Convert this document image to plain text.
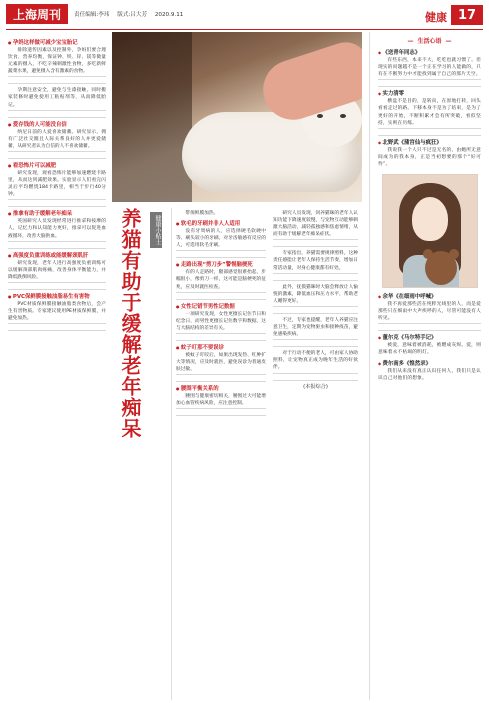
上海周刊	责任编辑:李玮 版式:吕大芳 2020.9.11	健康 17
● 孕妈这样做可减少宝宝胎记

排除遗传因素以及控制外，孕妈们要合理饮食、营养均衡，保证钟、铁、锌、镁等微量元素的摄入，不吃辛辣刺激性食物，多吃新鲜蔬菜水果，避免摄入含有激素的食物。

孕期注意安全，避免与生漆接触，同时搬家装修时避免使用工粘贴剂等，从而降低胎记。

● 爱存钱的人可能没自信

纳尼日前的人爱喜欢储蓄。研究显示，拥有广泛社交圈且人际关系良好的人并更爱储蓄，从研究者认为自信的人不喜欢储蓄。

● 看恐怖片可以减肥

研究发现，观看恐怖片能够加速燃烧卡路里，从而达到减肥效果。实验显示人们看完闪灵后平均燃烧184卡路里，相当于步行40分钟。

● 推拿有助于缓解老年痴呆

英国研究人员发现经常进行推拿和按摩的人，记忆力和认知能力更好，推拿可以促进血液循环，改善大脑供血。

● 高强度负重训练或能缓解颈肌肝

研究发现，老年人进行高强度负重训练可以缓解颈部肌肉疼痛，改善身体平衡能力，并降低跌倒风险。

● PVC保鲜膜接触油脂易生有害物

PVC材质保鲜膜接触油脂类食物后，会产生有害物质。专家建议使用PE材质保鲜膜，并避免加热。	养猫有助于缓解老年痴呆	健康小贴士

带保鲜膜加热。

● 软毛的牙刷并非人人适用

没有牙周病的人，应选择硬毛软硬中等、刷头较小的牙刷。对牙齿敏感有反应的人，可选用软毛牙刷。

● 走路出现“剪刀步”警惕脑梗死

有的人走路时，腿部感觉很难抬起，步幅很小，像剪刀一样，这可能是脑梗死的征兆，应及时就医检查。

● 女性记错节男性记数据

一项研究发现，女性更擅长记住节日和纪念日，而男性更擅长记住数字和数据，这与大脑结构的差异有关。

● 蚊子叮那不要误诊

被蚊子叮咬后，如果出现发热、红肿扩大等情况，应及时就医，避免误诊为普通皮肤过敏。

● 腰围平衡关系的

腰围与健康密切相关，腰围过大可能增加心血管疾病风险，应注意控制。

研究人员发现，饲养猫咪的老年人认知功能下降速度较慢，与宠物互动能够刺激大脑活动，减轻孤独感和焦虑情绪，从而有助于缓解老年痴呆症状。

专家指出，养猫需要规律照料，这种责任感能让老年人保持生活节奏，增加日常活动量，对身心健康都有好处。

此外，抚摸猫咪时大脑会释放让人愉悦的激素，降低血压和压力水平，帮助老人睡得更好。

不过，专家也提醒，老年人养猫应注意卫生，定期为宠物驱虫和接种疫苗，避免感染疾病。

对于行动不便的老人，可由家人协助照料，让宠物真正成为晚年生活的好伙伴。

(本报综合)
— 生活心语 —
◆ 《送青年同志》

有些东西，本来不大，吃吃也就习惯了。但现实的问题越不是一个正在学习的人能做的，只有在不断努力中才能找到属于自己的那片天空。

◆ 实力清零

横盘不是目的，是转向，在原地打转，回头看看走过的路。下移本身不是为了结束，是为了更好的开始，不断积累才会有所突破，看似坚持，实则在历练。

◆ 北野武《蒲宫仙与疯狂》

我说我一个人只不过是无名的，由她所无意间成为的我本身，正是当初想要的那个“好可怜”。

◆ 余华《在细雨中呼喊》

我不再爱那些活在纯粹光线里的人，而是爱那些只在细雨中大声疾呼的人，尽管可能没有人听见。

◆ 董尔克《马尔特手记》

被爱，意味着被消耗，被燃成灰烬。爱，则意味着永不枯竭的明灯。

◆ 费尔南多《惶然录》

我们从来没有真正认识任何人，我们只是认识自己对他们的想象。
